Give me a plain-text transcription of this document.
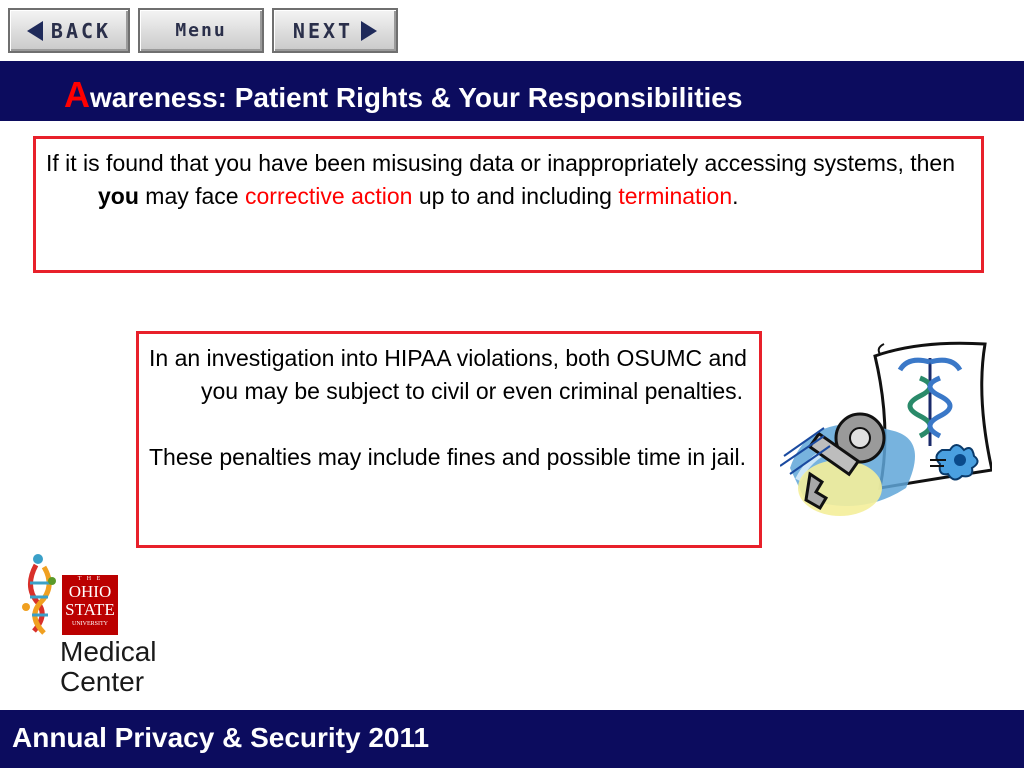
BACK	Menu	NEXT
Awareness: Patient Rights & Your Responsibilities

If it is found that you have been misusing data or inappropriately accessing systems, then you may face corrective action up to and including termination.

In an investigation into HIPAA violations, both OSUMC and you may be subject to civil or even criminal penalties.

These penalties may include fines and possible time in jail.

T H E
OHIO
STATE
UNIVERSITY
Medical
Center
Annual Privacy & Security 2011
